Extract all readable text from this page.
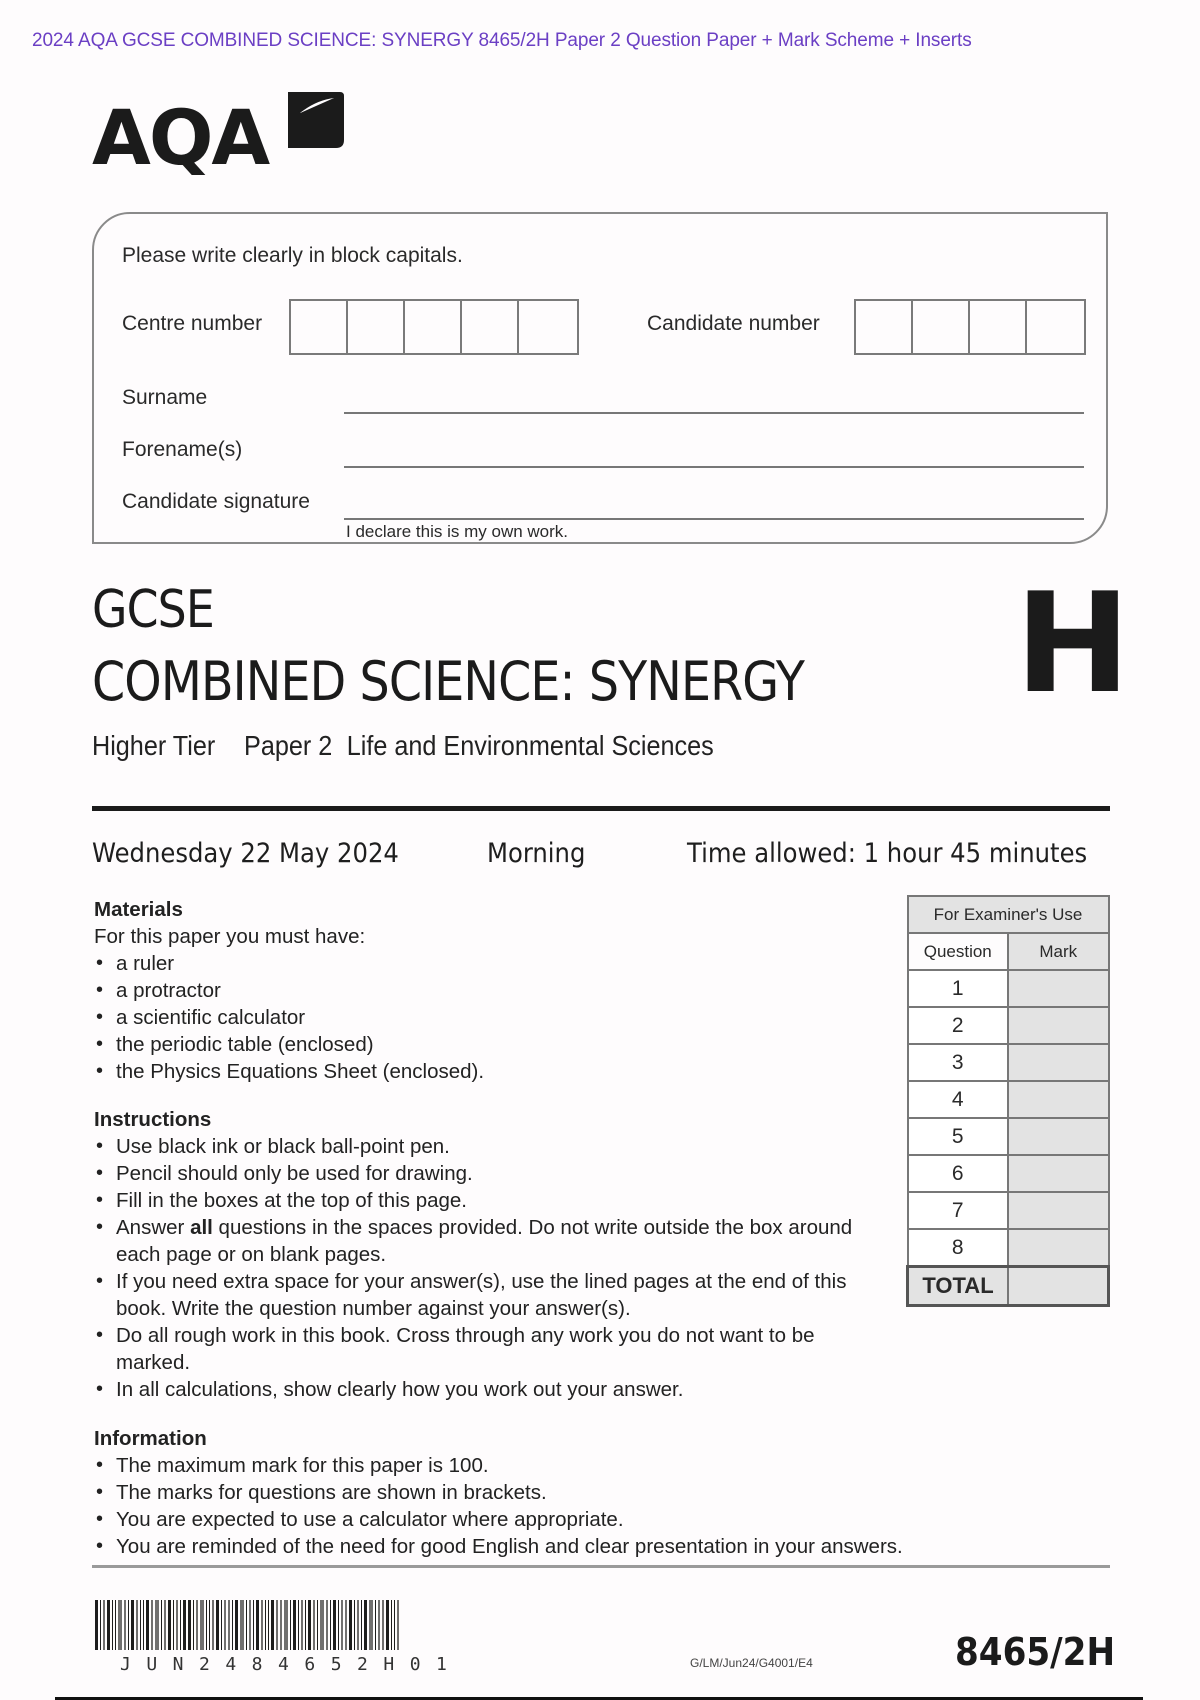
2024 AQA GCSE COMBINED SCIENCE: SYNERGY 8465/2H Paper 2 Question Paper + Mark Scheme + Inserts
AQA
Please write clearly in block capitals.
Centre number	Candidate number
Surname
Forename(s)
Candidate signature
I declare this is my own work.
GCSE
COMBINED SCIENCE: SYNERGY
Higher Tier Paper 2 Life and Environmental Sciences
H
Wednesday 22 May 2024	Morning	Time allowed: 1 hour 45 minutes
Materials
For this paper you must have:
• a ruler
• a protractor
• a scientific calculator
• the periodic table (enclosed)
• the Physics Equations Sheet (enclosed).
Instructions
• Use black ink or black ball-point pen.
• Pencil should only be used for drawing.
• Fill in the boxes at the top of this page.
• Answer all questions in the spaces provided. Do not write outside the box around each page or on blank pages.
• If you need extra space for your answer(s), use the lined pages at the end of this book. Write the question number against your answer(s).
• Do all rough work in this book. Cross through any work you do not want to be marked.
• In all calculations, show clearly how you work out your answer.
Information
• The maximum mark for this paper is 100.
• The marks for questions are shown in brackets.
• You are expected to use a calculator where appropriate.
• You are reminded of the need for good English and clear presentation in your answers.
For Examiner's Use	
Question	Mark
1	
2	
3	
4	
5	
6	
7	
8	
TOTAL	
JUN2484652H01	G/LM/Jun24/G4001/E4	8465/2H
